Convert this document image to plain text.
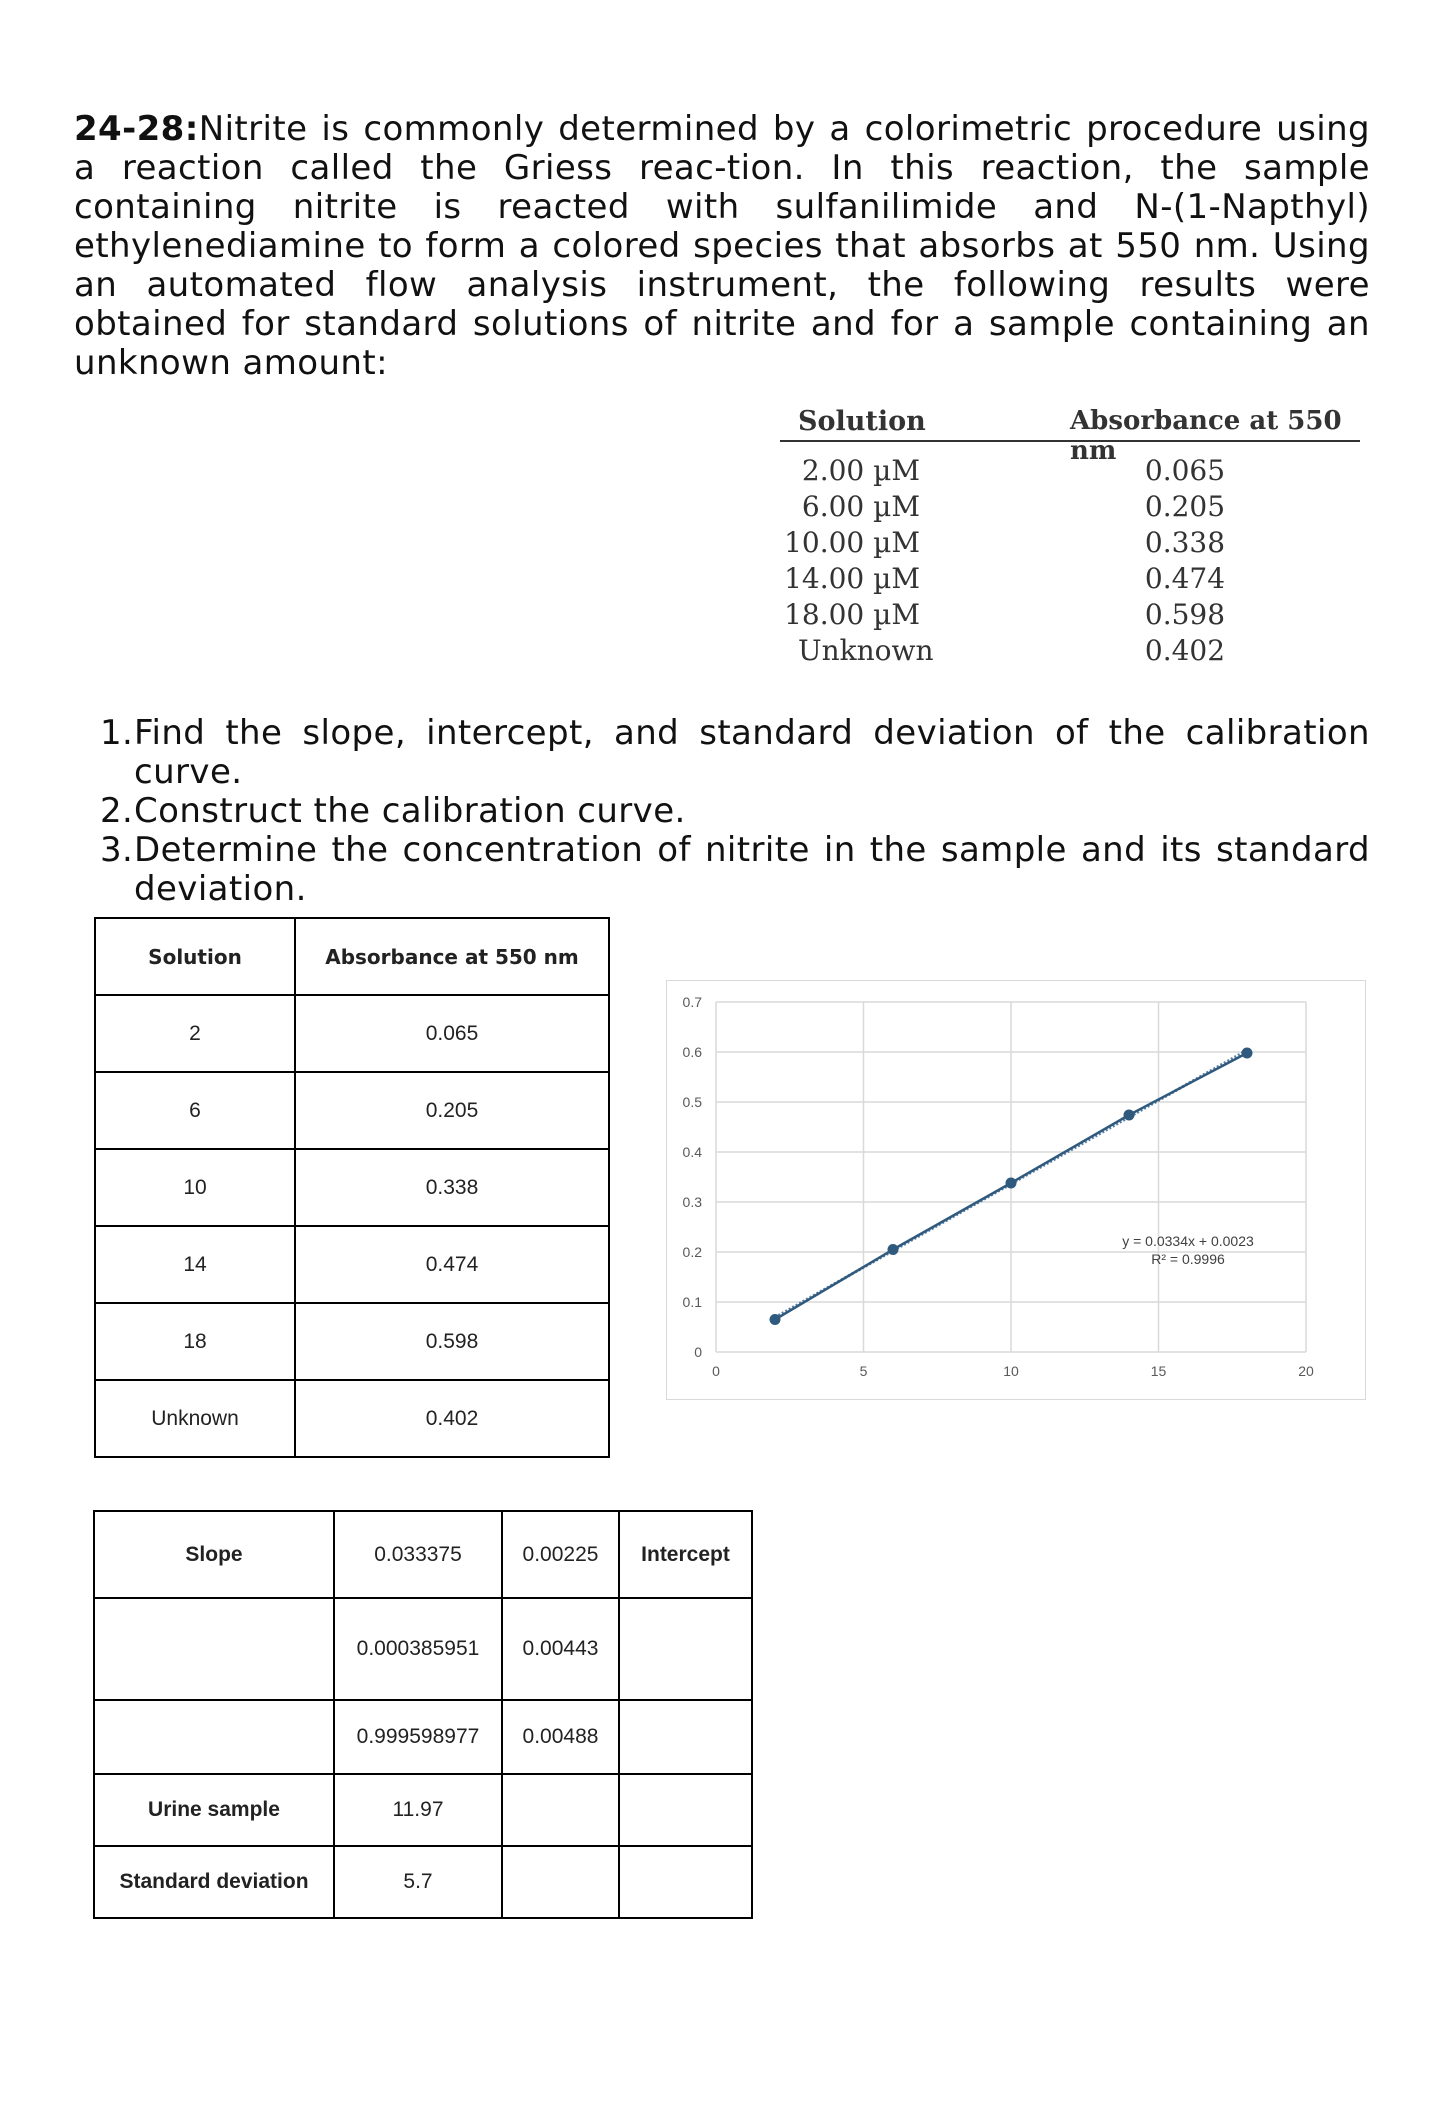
24-28:Nitrite is commonly determined by a colorimetric procedure using a reaction called the Griess reac-tion. In this reaction, the sample containing nitrite is reacted with sulfanilimide and N-(1-Napthyl) ethylenediamine to form a colored species that absorbs at 550 nm. Using an automated flow analysis instrument, the following results were obtained for standard solutions of nitrite and for a sample containing an unknown amount:
Solution	Absorbance at 550 nm
2.00 µM	0.065
6.00 µM	0.205
10.00 µM	0.338
14.00 µM	0.474
18.00 µM	0.598
Unknown	0.402
1. Find the slope, intercept, and standard deviation of the calibration curve.
2. Construct the calibration curve.
3. Determine the concentration of nitrite in the sample and its standard deviation.
Solution	Absorbance at 550 nm
2	0.065
6	0.205
10	0.338
14	0.474
18	0.598
Unknown	0.402
0
0.1
0.2
0.3
0.4
0.5
0.6
0.7
0	5	10	15	20
y = 0.0334x + 0.0023
R² = 0.9996
Slope	0.033375	0.00225	Intercept
	0.000385951	0.00443	
	0.999598977	0.00488	
Urine sample	11.97		
Standard deviation	5.7		
